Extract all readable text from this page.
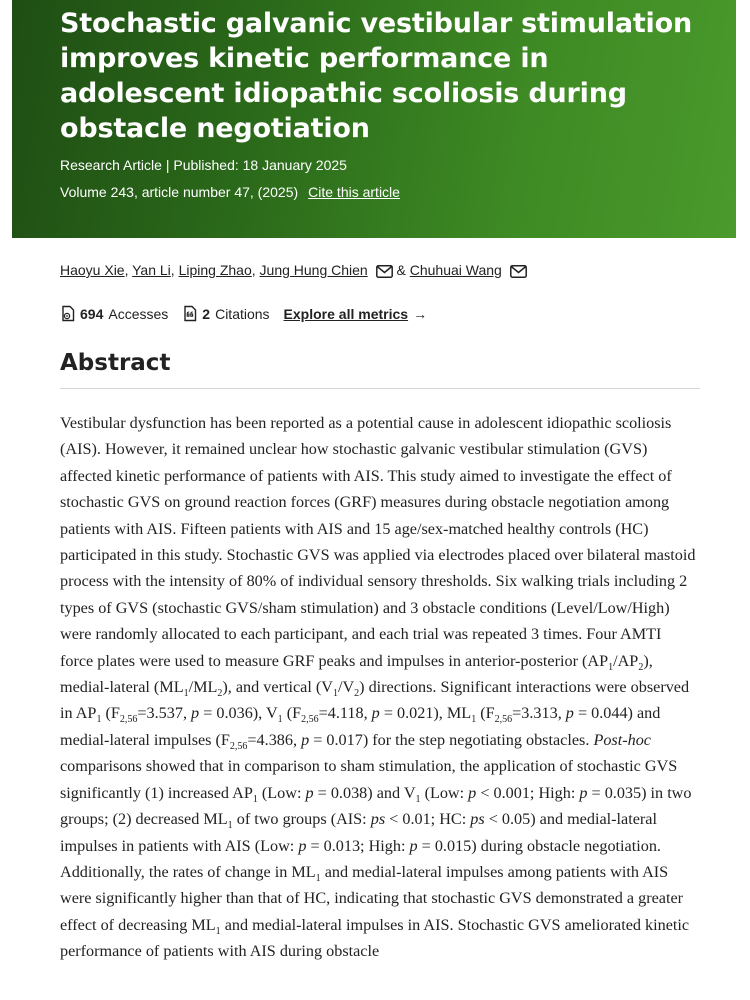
Stochastic galvanic vestibular stimulation improves kinetic performance in adolescent idiopathic scoliosis during obstacle negotiation
Research Article | Published: 18 January 2025
Volume 243, article number 47, (2025) Cite this article
Haoyu Xie, Yan Li, Liping Zhao, Jung Hung Chien  & Chuhuai Wang
694 Accesses 2 Citations Explore all metrics →
Abstract

Vestibular dysfunction has been reported as a potential cause in adolescent idiopathic scoliosis (AIS). However, it remained unclear how stochastic galvanic vestibular stimulation (GVS) affected kinetic performance of patients with AIS. This study aimed to investigate the effect of stochastic GVS on ground reaction forces (GRF) measures during obstacle negotiation among patients with AIS. Fifteen patients with AIS and 15 age/sex-matched healthy controls (HC) participated in this study. Stochastic GVS was applied via electrodes placed over bilateral mastoid process with the intensity of 80% of individual sensory thresholds. Six walking trials including 2 types of GVS (stochastic GVS/sham stimulation) and 3 obstacle conditions (Level/Low/High) were randomly allocated to each participant, and each trial was repeated 3 times. Four AMTI force plates were used to measure GRF peaks and impulses in anterior-posterior $(AP_1/AP_2)$, medial-lateral $(ML_1/ML_2)$, and vertical $(V_1/V_2)$ directions. Significant interactions were observed in $AP_1$ ($F_{2,56}=3.537$, p = 0.036), $V_1$ ($F_{2,56}=4.118$, p = 0.021), $ML_1$ ($F_{2,56}=3.313$, p = 0.044) and medial-lateral impulses ($F_{2,56}=4.386$, p = 0.017) for the step negotiating obstacles. Post-hoc comparisons showed that in comparison to sham stimulation, the application of stochastic GVS significantly (1) increased $AP_1$ (Low: p = 0.038) and $V_1$ (Low: p < 0.001; High: p = 0.035) in two groups; (2) decreased $ML_1$ of two groups (AIS: ps < 0.01; HC: ps < 0.05) and medial-lateral impulses in patients with AIS (Low: p = 0.013; High: p = 0.015) during obstacle negotiation. Additionally, the rates of change in $ML_1$ and medial-lateral impulses among patients with AIS were significantly higher than that of HC, indicating that stochastic GVS demonstrated a greater effect of decreasing $ML_1$ and medial-lateral impulses in AIS. Stochastic GVS ameliorated kinetic performance of patients with AIS during obstacle
